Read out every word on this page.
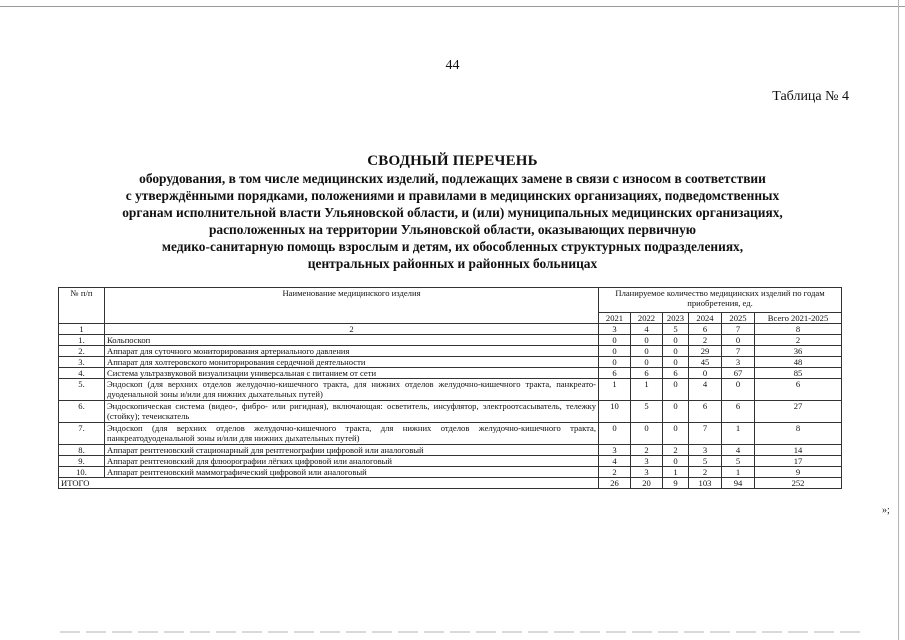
44
Таблица № 4
СВОДНЫЙ ПЕРЕЧЕНЬ
оборудования, в том числе медицинских изделий, подлежащих замене в связи с износом в соответствии
с утверждёнными порядками, положениями и правилами в медицинских организациях, подведомственных
органам исполнительной власти Ульяновской области, и (или) муниципальных медицинских организациях,
расположенных на территории Ульяновской области, оказывающих первичную
медико-санитарную помощь взрослым и детям, их обособленных структурных подразделениях,
центральных районных и районных больницах
№ п/п	Наименование медицинского изделия	Планируемое количество медицинских изделий по годам приобретения, ед.						
		2021	2022	2023	2024	2025	Всего 2021-2025	
1	2	3	4	5	6	7	8	
1.	Кольпоскоп	0	0	0	2	0	2	
2.	Аппарат для суточного мониторирования артериального давления	0	0	0	29	7	36	
3.	Аппарат для холтеровского мониторирования сердечной деятельности	0	0	0	45	3	48	
4.	Система ультразвуковой визуализации универсальная с питанием от сети	6	6	6	0	67	85	
5.	Эндоскоп (для верхних отделов желудочно-кишечного тракта, для нижних отделов желудочно-кишечного тракта, панкреато-дуоденальной зоны и/или для нижних дыхательных путей)	1	1	0	4	0	6	
6.	Эндоскопическая система (видео-, фибро- или ригидная), включающая: осветитель, инсуфлятор, электроотсасыватель, тележку (стойку); течеискатель	10	5	0	6	6	27	
7.	Эндоскоп (для верхних отделов желудочно-кишечного тракта, для нижних отделов желудочно-кишечного тракта, панкреатодуоденальной зоны и/или для нижних дыхательных путей)	0	0	0	7	1	8	
8.	Аппарат рентгеновский стационарный для рентгенографии цифровой или аналоговый	3	2	2	3	4	14	
9.	Аппарат рентгеновский для флюорографии лёгких цифровой или аналоговый	4	3	0	5	5	17	
10.	Аппарат рентгеновский маммографический цифровой или аналоговый	2	3	1	2	1	9	
ИТОГО		26	20	9	103	94	252	
»;
